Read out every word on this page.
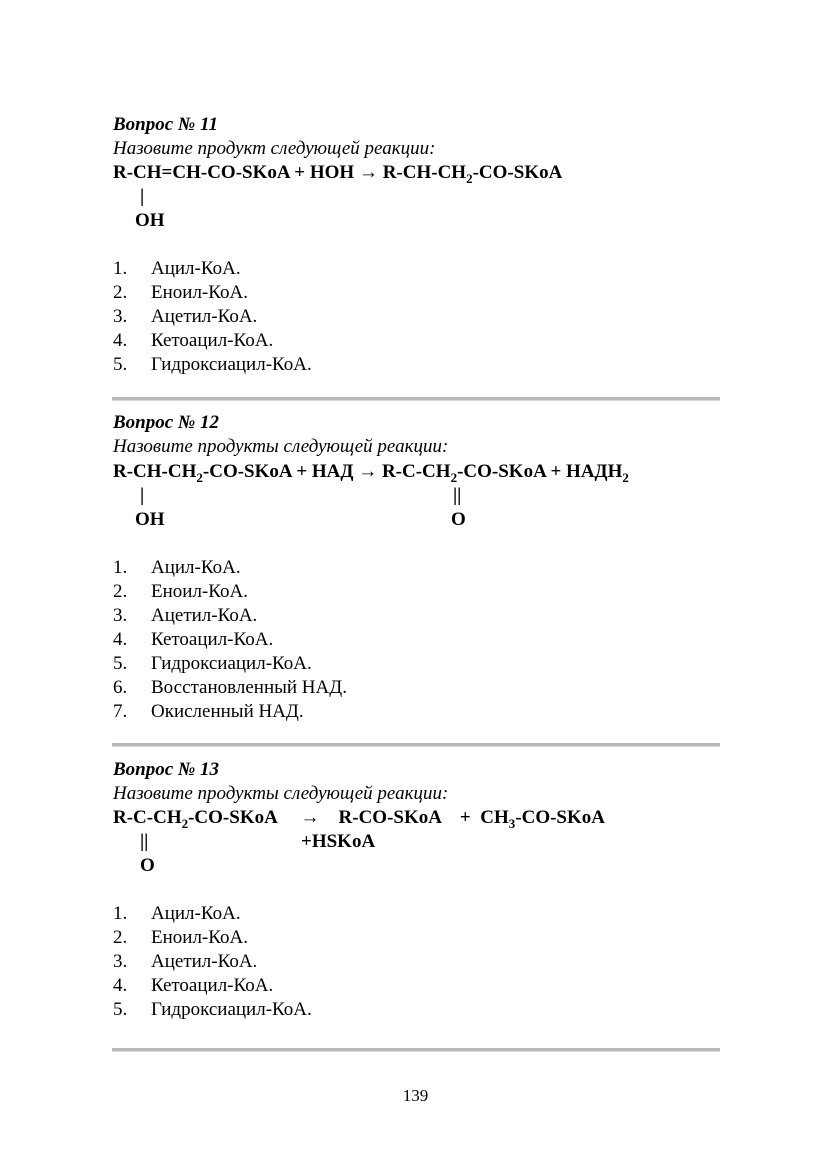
Вопрос № 11

Назовите продукт следующей реакции:

R-CH=CH-CO-SKoA + HOH → $R-CH-CH_2-CO$-SKoA

|

OH

1. Ацил-КоА.
2. Еноил-КоА.
3. Ацетил-КоА.
4. Кетоацил-КоА.
5. Гидроксиацил-КоА.

Вопрос № 12

Назовите продукты следующей реакции:

$R-CH-CH_2-CO$-SKoA + НАД → $R-C-CH_2-CO$-SKoA + $НАДН_2$

|

OH

||

O

1. Ацил-КоА.
2. Еноил-КоА.
3. Ацетил-КоА.
4. Кетоацил-КоА.
5. Гидроксиацил-КоА.
6. Восстановленный НАД.
7. Окисленный НАД.

Вопрос № 13

Назовите продукты следующей реакции:

$R-C-CH_2-CO$-SKoA     →    R-CO-SKoA    +  $CH_3-CO$-SKoA

||	+HSKoA

O

1. Ацил-КоА.
2. Еноил-КоА.
3. Ацетил-КоА.
4. Кетоацил-КоА.
5. Гидроксиацил-КоА.
139
